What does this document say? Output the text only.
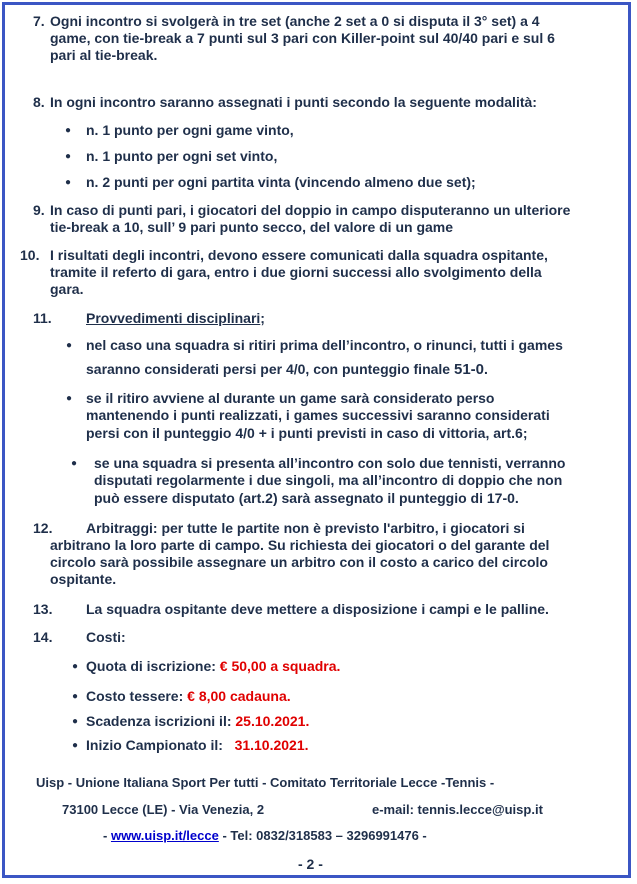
7. Ogni incontro si svolgerà in tre set (anche 2 set a 0 si disputa il 3° set) a 4
game, con tie-break a 7 punti sul 3 pari con Killer-point sul 40/40 pari e sul 6
pari al tie-break.
8. In ogni incontro saranno assegnati i punti secondo la seguente modalità:
● n. 1 punto per ogni game vinto,
● n. 1 punto per ogni set vinto,
● n. 2 punti per ogni partita vinta (vincendo almeno due set);
9. In caso di punti pari, i giocatori del doppio in campo disputeranno un ulteriore
tie-break a 10, sull’ 9 pari punto secco, del valore di un game
10. I risultati degli incontri, devono essere comunicati dalla squadra ospitante,
tramite il referto di gara, entro i due giorni successi allo svolgimento della
gara.
11. Provvedimenti disciplinari;
● nel caso una squadra si ritiri prima dell’incontro, o rinunci, tutti i games
saranno considerati persi per 4/0, con punteggio finale 51-0.
● se il ritiro avviene al durante un game sarà considerato perso
mantenendo i punti realizzati, i games successivi saranno considerati
persi con il punteggio 4/0 + i punti previsti in caso di vittoria, art.6;
● se una squadra si presenta all’incontro con solo due tennisti, verranno
disputati regolarmente i due singoli, ma all’incontro di doppio che non
può essere disputato (art.2) sarà assegnato il punteggio di 17-0.
12. Arbitraggi: per tutte le partite non è previsto l'arbitro, i giocatori si
arbitrano la loro parte di campo. Su richiesta dei giocatori o del garante del
circolo sarà possibile assegnare un arbitro con il costo a carico del circolo
ospitante.
13. La squadra ospitante deve mettere a disposizione i campi e le palline.
14. Costi:
● Quota di iscrizione: € 50,00 a squadra.
● Costo tessere: € 8,00 cadauna.
● Scadenza iscrizioni il: 25.10.2021.
● Inizio Campionato il:   31.10.2021.
Uisp - Unione Italiana Sport Per tutti - Comitato Territoriale Lecce -Tennis -
73100 Lecce (LE) - Via Venezia, 2	e-mail: tennis.lecce@uisp.it
- www.uisp.it/lecce - Tel: 0832/318583 – 3296991476 -
- 2 -
